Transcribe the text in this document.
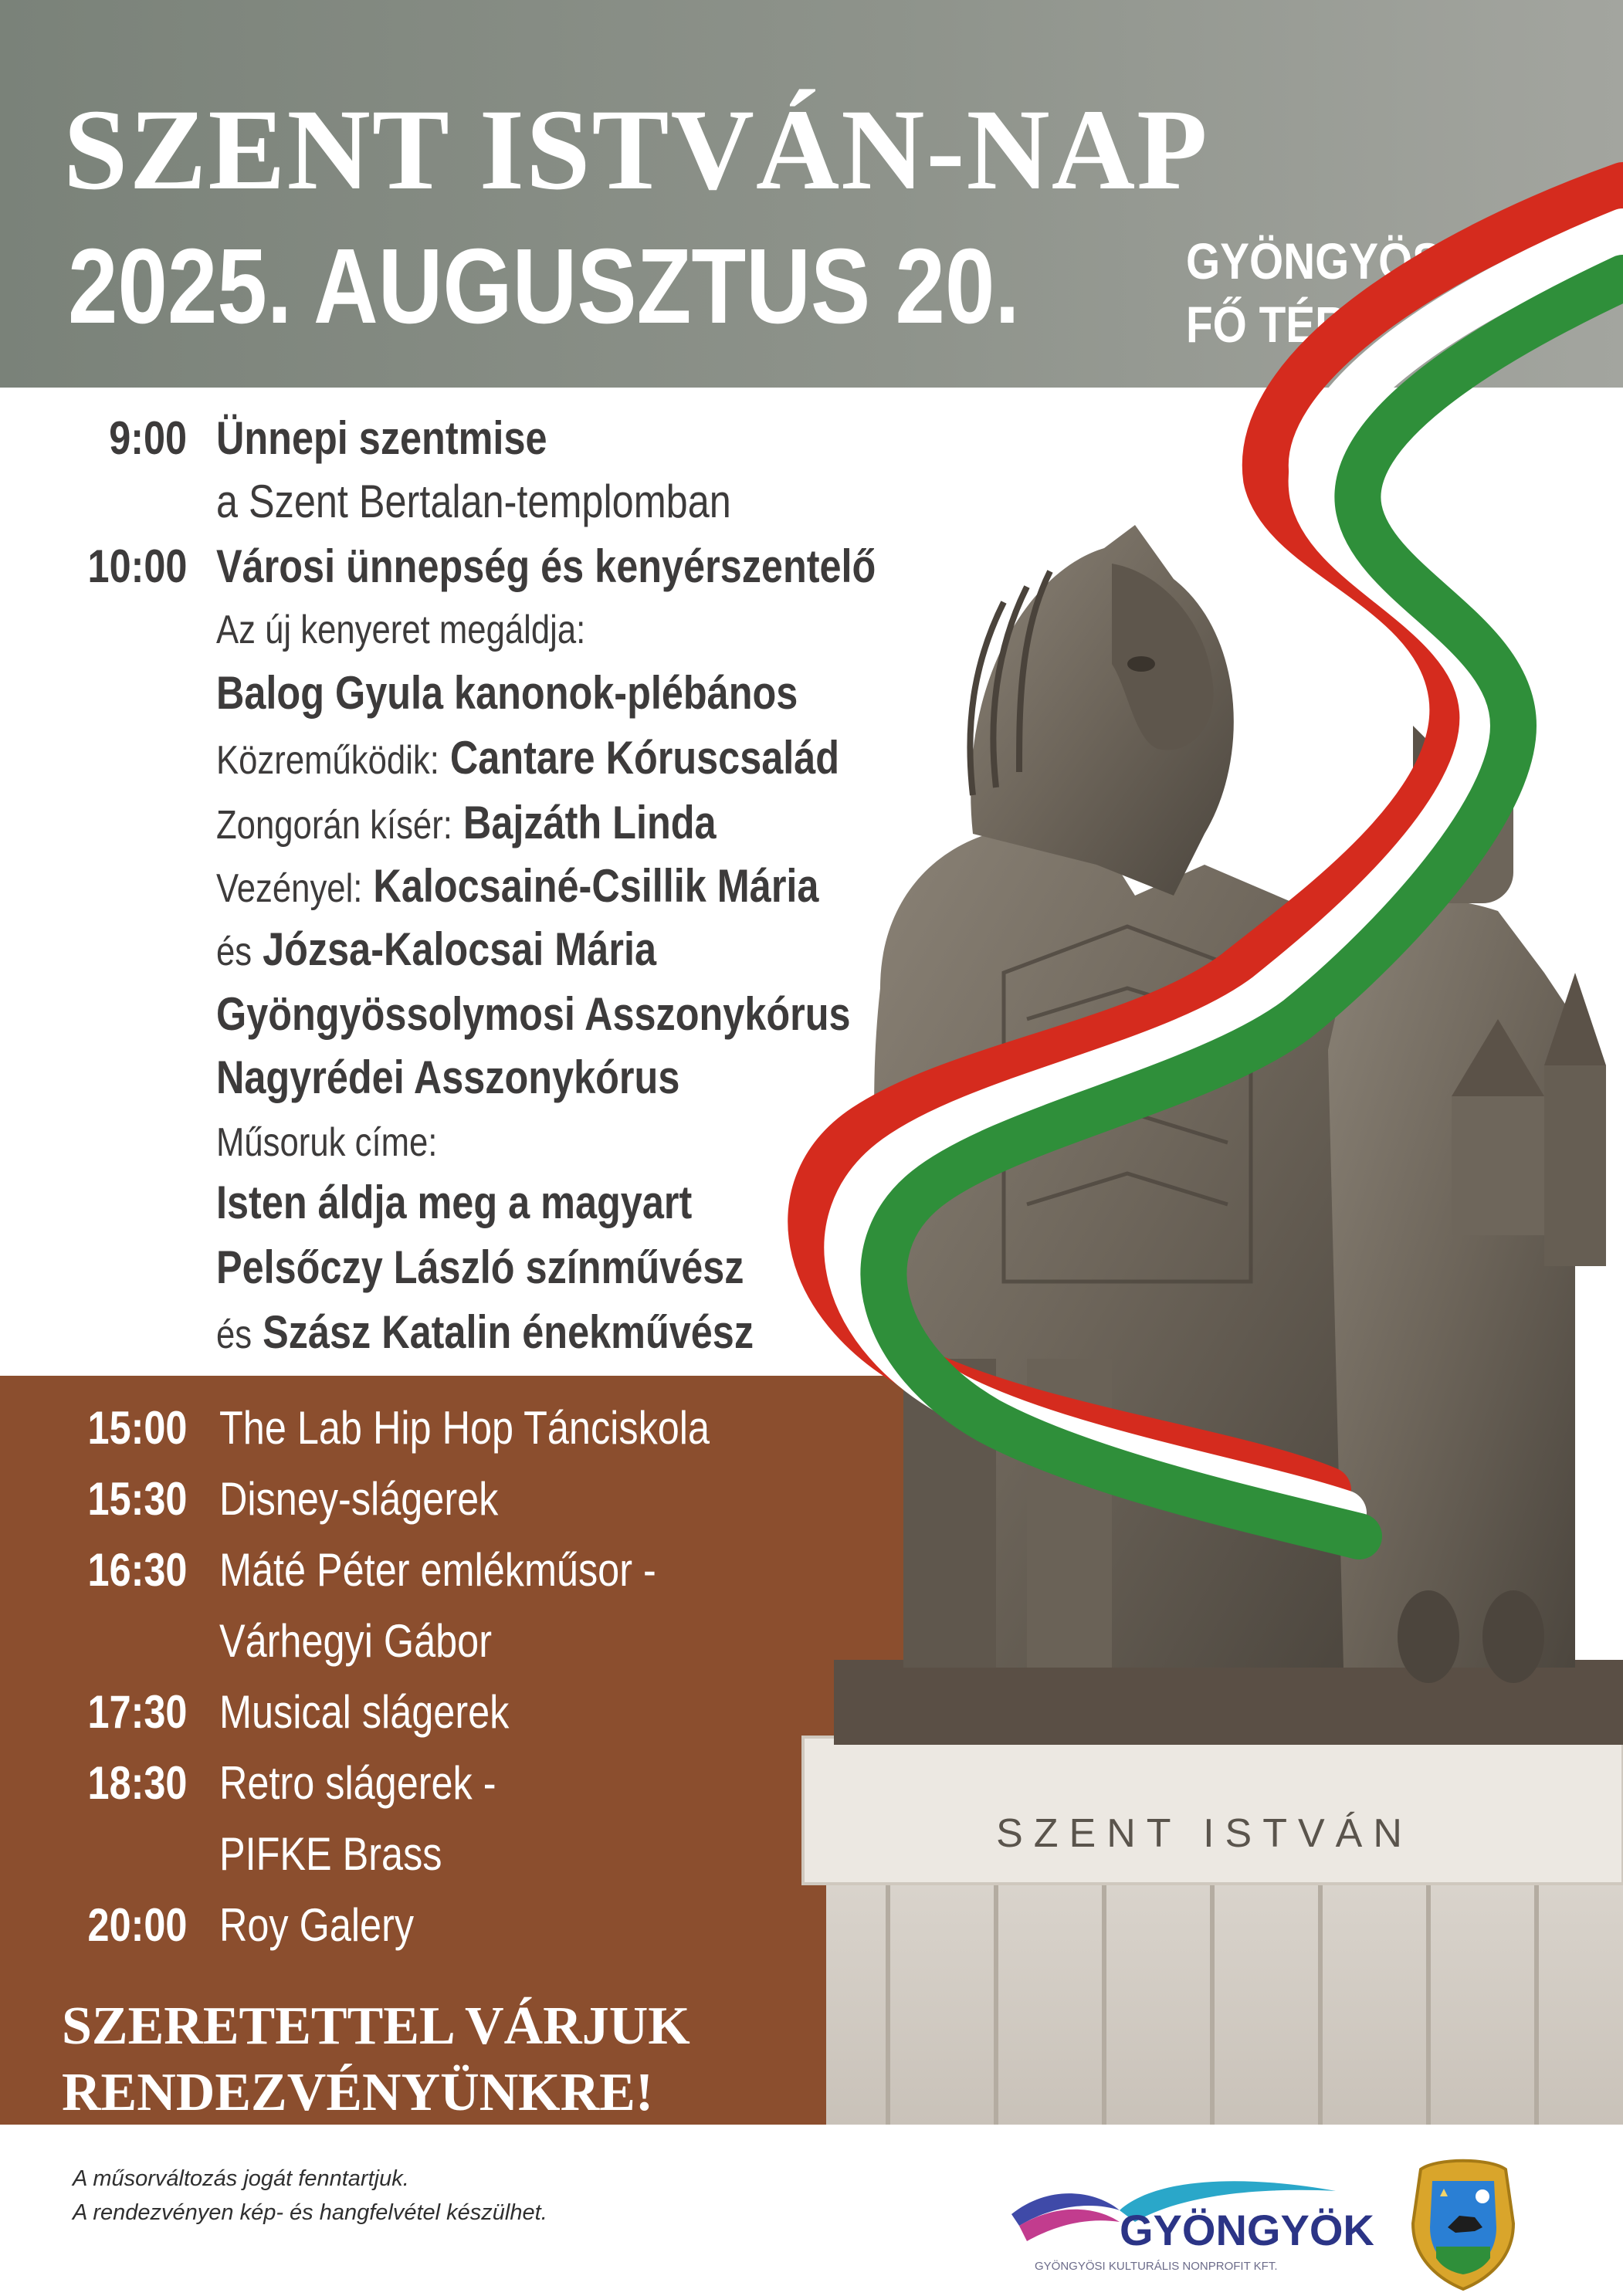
SZENT ISTVÁN-NAP
2025. AUGUSZTUS 20.	GYÖNGYÖS,
FŐ TÉR
SZENT ISTVÁN
9:00 Ünnepi szentmise
a Szent Bertalan-templomban
10:00 Városi ünnepség és kenyérszentelő
Az új kenyeret megáldja:
Balog Gyula kanonok-plébános
Közreműködik: Cantare Kóruscsalád
Zongorán kísér: Bajzáth Linda
Vezényel: Kalocsainé-Csillik Mária
és Józsa-Kalocsai Mária
Gyöngyössolymosi Asszonykórus
Nagyrédei Asszonykórus
Műsoruk címe:
Isten áldja meg a magyart
Pelsőczy László színművész
és Szász Katalin énekművész
15:00 The Lab Hip Hop Tánciskola
15:30 Disney-slágerek
16:30 Máté Péter emlékműsor -
Várhegyi Gábor
17:30 Musical slágerek
18:30 Retro slágerek -
PIFKE Brass
20:00 Roy Galery
SZERETETTEL VÁRJUK
RENDEZVÉNYÜNKRE!
A műsorváltozás jogát fenntartjuk.
A rendezvényen kép- és hangfelvétel készülhet.	GYÖNGYÖK
GYÖNGYÖSI KULTURÁLIS NONPROFIT KFT.
